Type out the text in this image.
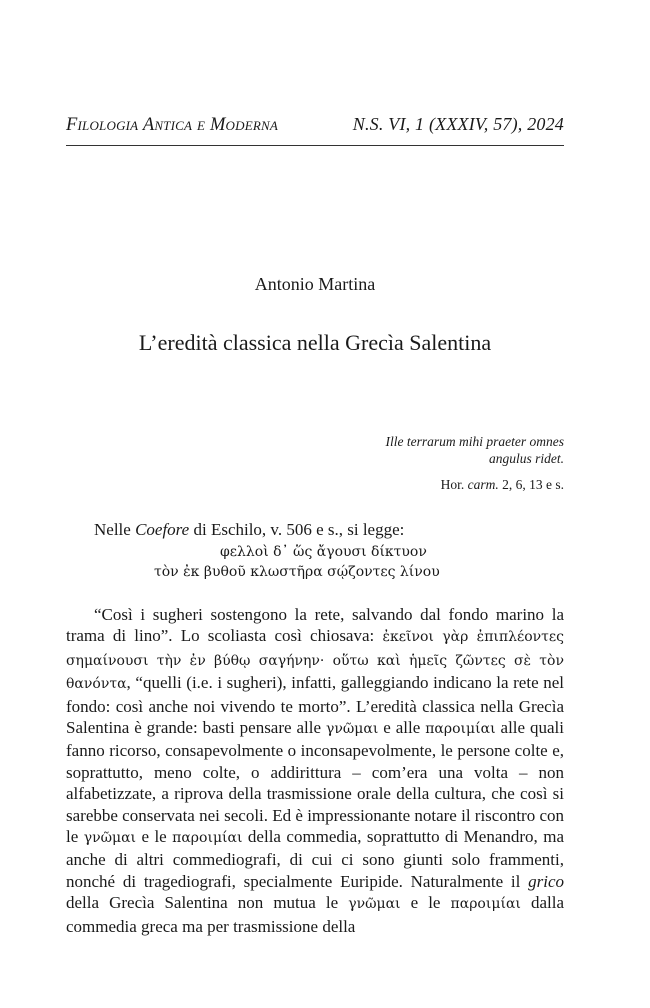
Filologia Antica e Moderna	N.S. VI, 1 (XXXIV, 57), 2024
Antonio Martina
L’eredità classica nella Grecìa Salentina
Ille terrarum mihi praeter omnes
angulus ridet.
Hor. carm. 2, 6, 13 e s.
Nelle Coefore di Eschilo, v. 506 e s., si legge:
φελλοὶ δ᾽ ὥς ἄγουσι δίκτυον
τὸν ἐκ βυθοῦ κλωστῆρα σῴζοντες λίνου
“Così i sugheri sostengono la rete, salvando dal fondo marino la trama di lino”. Lo scoliasta così chiosava: ἐκεῖνοι γὰρ ἐπιπλέοντες σημαίνουσι τὴν ἐν βύθῳ σαγήνην· οὕτω καὶ ἡμεῖς ζῶντες σὲ τὸν θανόντα, “quelli (i.e. i sugheri), infatti, galleggiando indicano la rete nel fondo: così anche noi vivendo te morto”. L’eredità classica nella Grecìa Salentina è grande: basti pensare alle γνῶμαι e alle παροιμίαι alle quali fanno ricorso, consapevolmente o inconsapevolmente, le persone colte e, soprattutto, meno colte, o addirittura – com’era una volta – non alfabetizzate, a riprova della trasmissione orale della cultura, che così si sarebbe conservata nei secoli. Ed è impressionante notare il riscontro con le γνῶμαι e le παροιμίαι della commedia, soprattutto di Menandro, ma anche di altri commediografi, di cui ci sono giunti solo frammenti, nonché di tragediografi, specialmente Euripide. Naturalmente il grico della Grecìa Salentina non mutua le γνῶμαι e le παροιμίαι dalla commedia greca ma per trasmissione della
